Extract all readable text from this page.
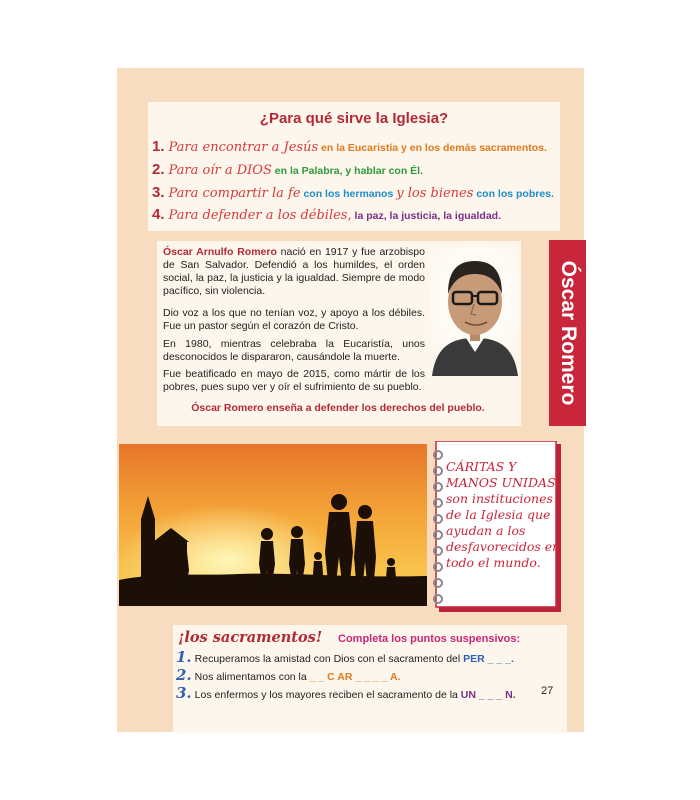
¿Para qué sirve la Iglesia?
1. Para encontrar a Jesús en la Eucaristía y en los demás sacramentos.
2. Para oír a DIOS en la Palabra, y hablar con Él.
3. Para compartir la fe con los hermanos y los bienes con los pobres.
4. Para defender a los débiles, la paz, la justicia, la igualdad.
Óscar Arnulfo Romero nació en 1917 y fue arzobispo de San Salvador. Defendió a los humildes, el orden social, la paz, la justicia y la igualdad. Siempre de modo pacífico, sin violencia.
Dio voz a los que no tenían voz, y apoyo a los débiles. Fue un pastor según el corazón de Cristo.
En 1980, mientras celebraba la Eucaristía, unos desconocidos le dispararon, causándole la muerte.
Fue beatificado en mayo de 2015, como mártir de los pobres, pues supo ver y oír el sufrimiento de su pueblo.
Óscar Romero enseña a defender los derechos del pueblo.
Óscar Romero
CÁRITAS Y MANOS UNIDAS son instituciones de la Iglesia que ayudan a los desfavorecidos en todo el mundo.
¡los sacramentos! Completa los puntos suspensivos:
1. Recuperamos la amistad con Dios con el sacramento del PER _ _ _.
2. Nos alimentamos con la _ _ C AR _ _ _ _ A.
3. Los enfermos y los mayores reciben el sacramento de la UN _ _ _ N. 27
